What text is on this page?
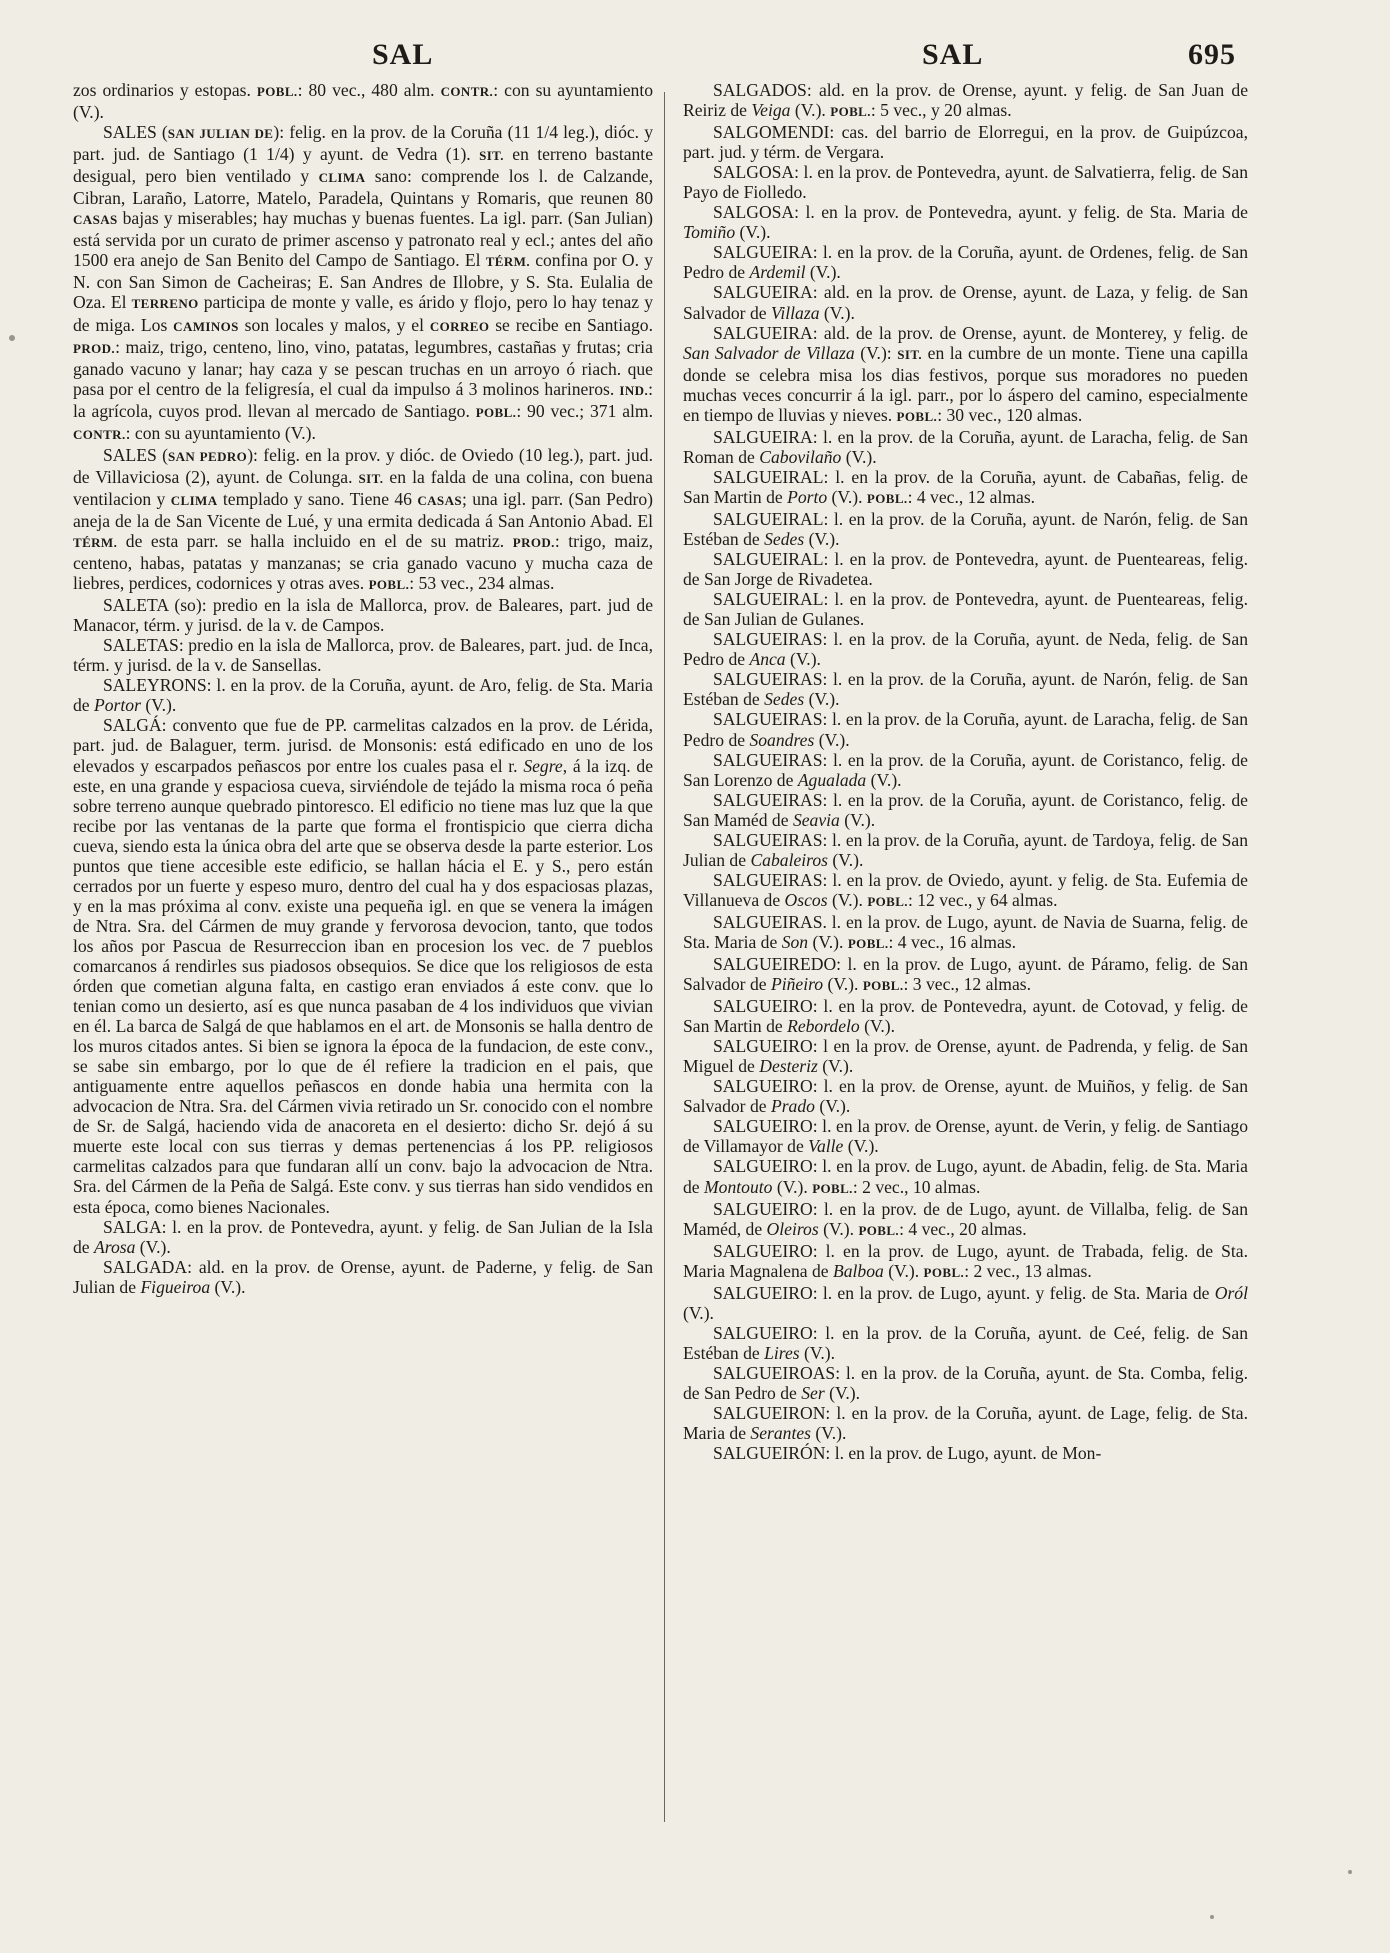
SAL	SAL	695

zos ordinarios y estopas. POBL.: 80 vec., 480 alm. CONTR.: con su ayuntamiento (V.).

SALES (SAN JULIAN DE): felig. en la prov. de la Coruña (11 1/4 leg.), dióc. y part. jud. de Santiago (1 1/4) y ayunt. de Vedra (1). SIT. en terreno bastante desigual, pero bien ventilado y CLIMA sano: comprende los l. de Calzande, Cibran, Laraño, Latorre, Matelo, Paradela, Quintans y Romaris, que reunen 80 CASAS bajas y miserables; hay muchas y buenas fuentes. La igl. parr. (San Julian) está servida por un curato de primer ascenso y patronato real y ecl.; antes del año 1500 era anejo de San Benito del Campo de Santiago. El TÉRM. confina por O. y N. con San Simon de Cacheiras; E. San Andres de Illobre, y S. Sta. Eulalia de Oza. El TERRENO participa de monte y valle, es árido y flojo, pero lo hay tenaz y de miga. Los CAMINOS son locales y malos, y el CORREO se recibe en Santiago. PROD.: maiz, trigo, centeno, lino, vino, patatas, legumbres, castañas y frutas; cria ganado vacuno y lanar; hay caza y se pescan truchas en un arroyo ó riach. que pasa por el centro de la feligresía, el cual da impulso á 3 molinos harineros. IND.: la agrícola, cuyos prod. llevan al mercado de Santiago. POBL.: 90 vec.; 371 alm. CONTR.: con su ayuntamiento (V.).

SALES (SAN PEDRO): felig. en la prov. y dióc. de Oviedo (10 leg.), part. jud. de Villaviciosa (2), ayunt. de Colunga. SIT. en la falda de una colina, con buena ventilacion y CLIMA templado y sano. Tiene 46 CASAS; una igl. parr. (San Pedro) aneja de la de San Vicente de Lué, y una ermita dedicada á San Antonio Abad. El TÉRM. de esta parr. se halla incluido en el de su matriz. PROD.: trigo, maiz, centeno, habas, patatas y manzanas; se cria ganado vacuno y mucha caza de liebres, perdices, codornices y otras aves. POBL.: 53 vec., 234 almas.

SALETA (so): predio en la isla de Mallorca, prov. de Baleares, part. jud de Manacor, térm. y jurisd. de la v. de Campos.

SALETAS: predio en la isla de Mallorca, prov. de Baleares, part. jud. de Inca, térm. y jurisd. de la v. de Sansellas.

SALEYRONS: l. en la prov. de la Coruña, ayunt. de Aro, felig. de Sta. Maria de Portor (V.).

SALGÁ: convento que fue de PP. carmelitas calzados en la prov. de Lérida, part. jud. de Balaguer, term. jurisd. de Monsonis: está edificado en uno de los elevados y escarpados peñascos por entre los cuales pasa el r. Segre, á la izq. de este, en una grande y espaciosa cueva, sirviéndole de tejádo la misma roca ó peña sobre terreno aunque quebrado pintoresco. El edificio no tiene mas luz que la que recibe por las ventanas de la parte que forma el frontispicio que cierra dicha cueva, siendo esta la única obra del arte que se observa desde la parte esterior. Los puntos que tiene accesible este edificio, se hallan hácia el E. y S., pero están cerrados por un fuerte y espeso muro, dentro del cual ha y dos espaciosas plazas, y en la mas próxima al conv. existe una pequeña igl. en que se venera la imágen de Ntra. Sra. del Cármen de muy grande y fervorosa devocion, tanto, que todos los años por Pascua de Resurreccion iban en procesion los vec. de 7 pueblos comarcanos á rendirles sus piadosos obsequios. Se dice que los religiosos de esta órden que cometian alguna falta, en castigo eran enviados á este conv. que lo tenian como un desierto, así es que nunca pasaban de 4 los individuos que vivian en él. La barca de Salgá de que hablamos en el art. de Monsonis se halla dentro de los muros citados antes. Si bien se ignora la época de la fundacion, de este conv., se sabe sin embargo, por lo que de él refiere la tradicion en el pais, que antiguamente entre aquellos peñascos en donde habia una hermita con la advocacion de Ntra. Sra. del Cármen vivia retirado un Sr. conocido con el nombre de Sr. de Salgá, haciendo vida de anacoreta en el desierto: dicho Sr. dejó á su muerte este local con sus tierras y demas pertenencias á los PP. religiosos carmelitas calzados para que fundaran allí un conv. bajo la advocacion de Ntra. Sra. del Cármen de la Peña de Salgá. Este conv. y sus tierras han sido vendidos en esta época, como bienes Nacionales.

SALGA: l. en la prov. de Pontevedra, ayunt. y felig. de San Julian de la Isla de Arosa (V.).

SALGADA: ald. en la prov. de Orense, ayunt. de Paderne, y felig. de San Julian de Figueiroa (V.).

SALGADOS: ald. en la prov. de Orense, ayunt. y felig. de San Juan de Reiriz de Veiga (V.). POBL.: 5 vec., y 20 almas.

SALGOMENDI: cas. del barrio de Elorregui, en la prov. de Guipúzcoa, part. jud. y térm. de Vergara.

SALGOSA: l. en la prov. de Pontevedra, ayunt. de Salvatierra, felig. de San Payo de Fiolledo.

SALGOSA: l. en la prov. de Pontevedra, ayunt. y felig. de Sta. Maria de Tomiño (V.).

SALGUEIRA: l. en la prov. de la Coruña, ayunt. de Ordenes, felig. de San Pedro de Ardemil (V.).

SALGUEIRA: ald. en la prov. de Orense, ayunt. de Laza, y felig. de San Salvador de Villaza (V.).

SALGUEIRA: ald. de la prov. de Orense, ayunt. de Monterey, y felig. de San Salvador de Villaza (V.): SIT. en la cumbre de un monte. Tiene una capilla donde se celebra misa los dias festivos, porque sus moradores no pueden muchas veces concurrir á la igl. parr., por lo áspero del camino, especialmente en tiempo de lluvias y nieves. POBL.: 30 vec., 120 almas.

SALGUEIRA: l. en la prov. de la Coruña, ayunt. de Laracha, felig. de San Roman de Cabovilaño (V.).

SALGUEIRAL: l. en la prov. de la Coruña, ayunt. de Cabañas, felig. de San Martin de Porto (V.). POBL.: 4 vec., 12 almas.

SALGUEIRAL: l. en la prov. de la Coruña, ayunt. de Narón, felig. de San Estéban de Sedes (V.).

SALGUEIRAL: l. en la prov. de Pontevedra, ayunt. de Puenteareas, felig. de San Jorge de Rivadetea.

SALGUEIRAL: l. en la prov. de Pontevedra, ayunt. de Puenteareas, felig. de San Julian de Gulanes.

SALGUEIRAS: l. en la prov. de la Coruña, ayunt. de Neda, felig. de San Pedro de Anca (V.).

SALGUEIRAS: l. en la prov. de la Coruña, ayunt. de Narón, felig. de San Estéban de Sedes (V.).

SALGUEIRAS: l. en la prov. de la Coruña, ayunt. de Laracha, felig. de San Pedro de Soandres (V.).

SALGUEIRAS: l. en la prov. de la Coruña, ayunt. de Coristanco, felig. de San Lorenzo de Agualada (V.).

SALGUEIRAS: l. en la prov. de la Coruña, ayunt. de Coristanco, felig. de San Maméd de Seavia (V.).

SALGUEIRAS: l. en la prov. de la Coruña, ayunt. de Tardoya, felig. de San Julian de Cabaleiros (V.).

SALGUEIRAS: l. en la prov. de Oviedo, ayunt. y felig. de Sta. Eufemia de Villanueva de Oscos (V.). POBL.: 12 vec., y 64 almas.

SALGUEIRAS. l. en la prov. de Lugo, ayunt. de Navia de Suarna, felig. de Sta. Maria de Son (V.). POBL.: 4 vec., 16 almas.

SALGUEIREDO: l. en la prov. de Lugo, ayunt. de Páramo, felig. de San Salvador de Piñeiro (V.). POBL.: 3 vec., 12 almas.

SALGUEIRO: l. en la prov. de Pontevedra, ayunt. de Cotovad, y felig. de San Martin de Rebordelo (V.).

SALGUEIRO: l en la prov. de Orense, ayunt. de Padrenda, y felig. de San Miguel de Desteriz (V.).

SALGUEIRO: l. en la prov. de Orense, ayunt. de Muiños, y felig. de San Salvador de Prado (V.).

SALGUEIRO: l. en la prov. de Orense, ayunt. de Verin, y felig. de Santiago de Villamayor de Valle (V.).

SALGUEIRO: l. en la prov. de Lugo, ayunt. de Abadin, felig. de Sta. Maria de Montouto (V.). POBL.: 2 vec., 10 almas.

SALGUEIRO: l. en la prov. de de Lugo, ayunt. de Villalba, felig. de San Maméd, de Oleiros (V.). POBL.: 4 vec., 20 almas.

SALGUEIRO: l. en la prov. de Lugo, ayunt. de Trabada, felig. de Sta. Maria Magnalena de Balboa (V.). POBL.: 2 vec., 13 almas.

SALGUEIRO: l. en la prov. de Lugo, ayunt. y felig. de Sta. Maria de Oról (V.).

SALGUEIRO: l. en la prov. de la Coruña, ayunt. de Ceé, felig. de San Estéban de Lires (V.).

SALGUEIROAS: l. en la prov. de la Coruña, ayunt. de Sta. Comba, felig. de San Pedro de Ser (V.).

SALGUEIRON: l. en la prov. de la Coruña, ayunt. de Lage, felig. de Sta. Maria de Serantes (V.).

SALGUEIRÓN: l. en la prov. de Lugo, ayunt. de Mon-
